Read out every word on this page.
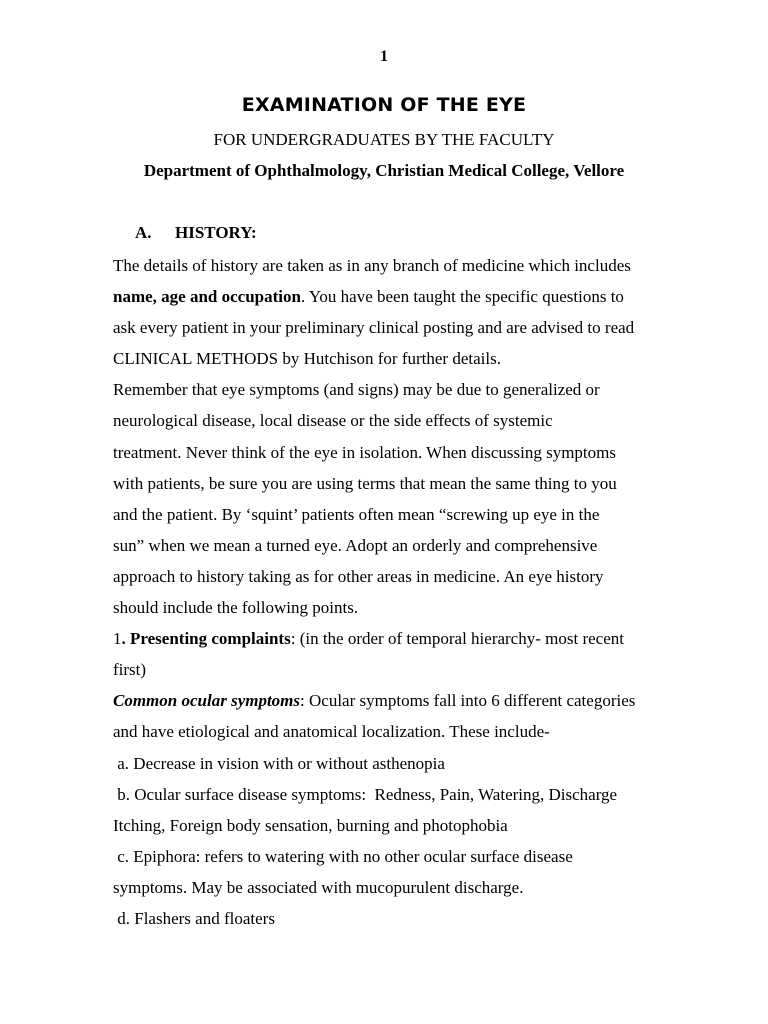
1
EXAMINATION OF THE EYE
FOR UNDERGRADUATES BY THE FACULTY
Department of Ophthalmology, Christian Medical College, Vellore
A. HISTORY:
The details of history are taken as in any branch of medicine which includes
name, age and occupation. You have been taught the specific questions to
ask every patient in your preliminary clinical posting and are advised to read
CLINICAL METHODS by Hutchison for further details.
Remember that eye symptoms (and signs) may be due to generalized or
neurological disease, local disease or the side effects of systemic
treatment. Never think of the eye in isolation. When discussing symptoms
with patients, be sure you are using terms that mean the same thing to you
and the patient. By ‘squint’ patients often mean “screwing up eye in the
sun” when we mean a turned eye. Adopt an orderly and comprehensive
approach to history taking as for other areas in medicine. An eye history
should include the following points.
1. Presenting complaints: (in the order of temporal hierarchy- most recent
first)
Common ocular symptoms: Ocular symptoms fall into 6 different categories
and have etiological and anatomical localization. These include-
a. Decrease in vision with or without asthenopia
b. Ocular surface disease symptoms:  Redness, Pain, Watering, Discharge
Itching, Foreign body sensation, burning and photophobia
c. Epiphora: refers to watering with no other ocular surface disease
symptoms. May be associated with mucopurulent discharge.
d. Flashers and floaters
